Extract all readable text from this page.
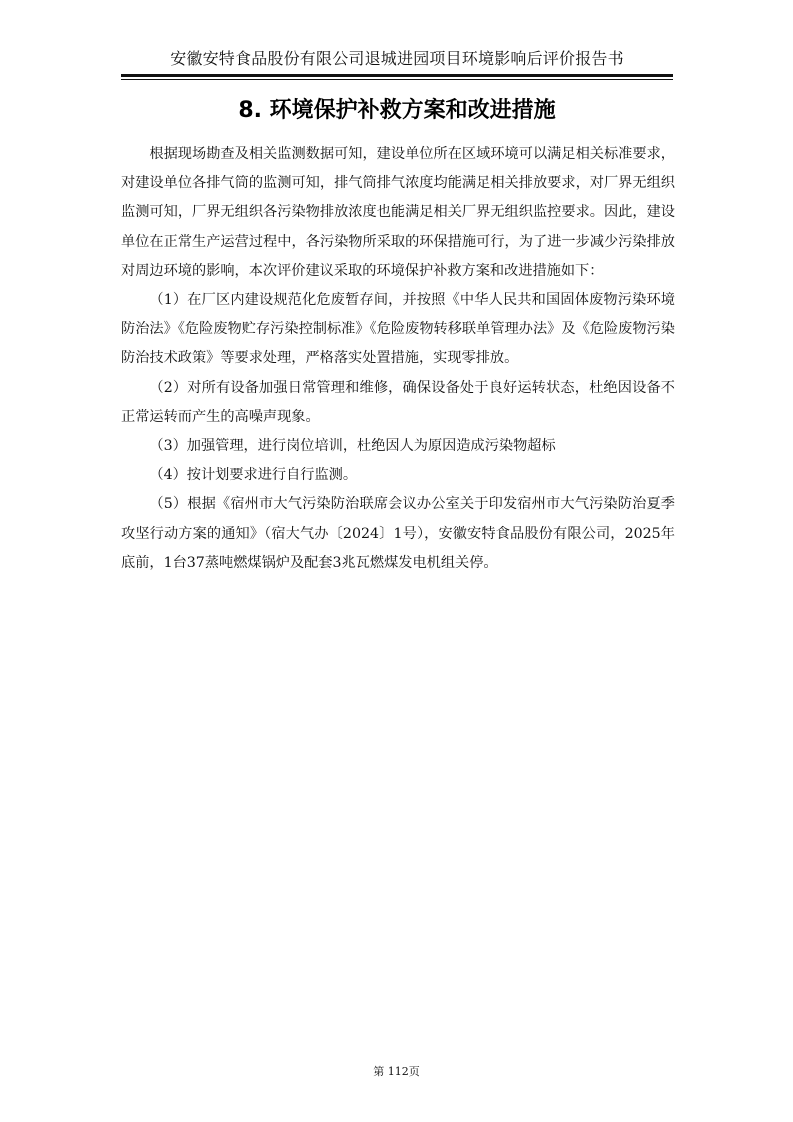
安徽安特食品股份有限公司退城进园项目环境影响后评价报告书
8. 环境保护补救方案和改进措施

根据现场勘查及相关监测数据可知，建设单位所在区域环境可以满足相关标准要求，对建设单位各排气筒的监测可知，排气筒排气浓度均能满足相关排放要求，对厂界无组织监测可知，厂界无组织各污染物排放浓度也能满足相关厂界无组织监控要求。因此，建设单位在正常生产运营过程中，各污染物所采取的环保措施可行，为了进一步减少污染排放对周边环境的影响，本次评价建议采取的环境保护补救方案和改进措施如下：

（1）在厂区内建设规范化危废暂存间，并按照《中华人民共和国固体废物污染环境防治法》《危险废物贮存污染控制标准》《危险废物转移联单管理办法》及《危险废物污染防治技术政策》等要求处理，严格落实处置措施，实现零排放。

（2）对所有设备加强日常管理和维修，确保设备处于良好运转状态，杜绝因设备不正常运转而产生的高噪声现象。

（3）加强管理，进行岗位培训，杜绝因人为原因造成污染物超标

（4）按计划要求进行自行监测。

（5）根据《宿州市大气污染防治联席会议办公室关于印发宿州市大气污染防治夏季攻坚行动方案的通知》（宿大气办〔2024〕1号），安徽安特食品股份有限公司，2025年底前，1台37蒸吨燃煤锅炉及配套3兆瓦燃煤发电机组关停。

第 112页
